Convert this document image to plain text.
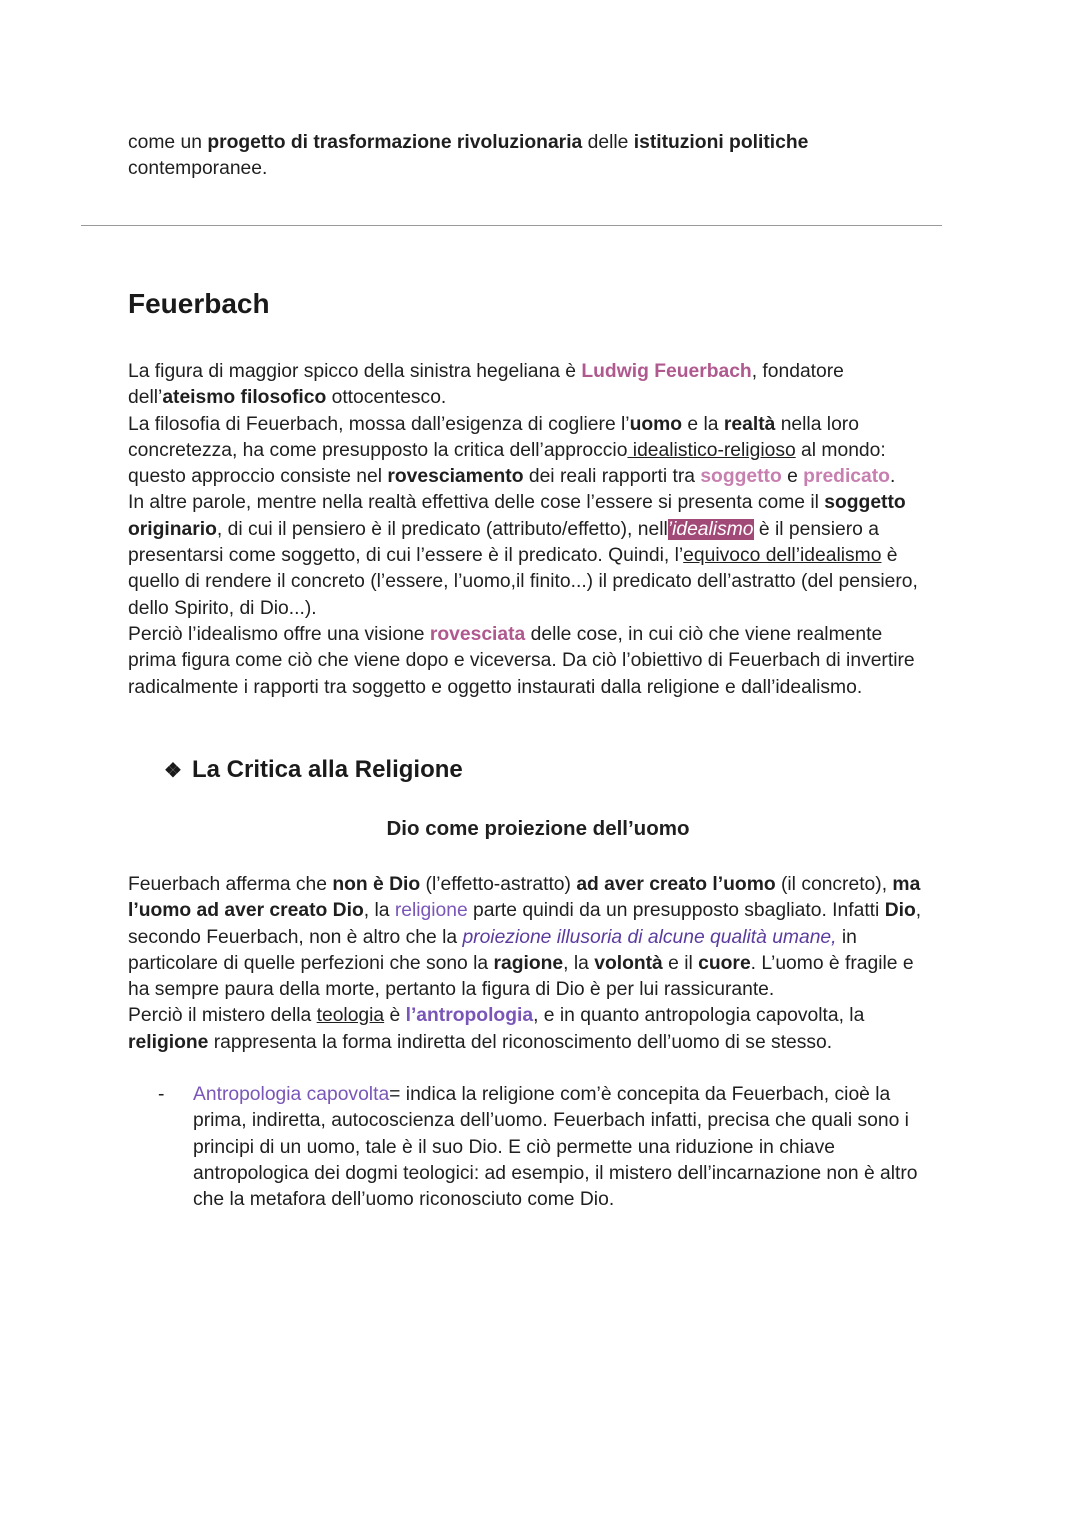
come un progetto di trasformazione rivoluzionaria delle istituzioni politiche
contemporanee.

Feuerbach

La figura di maggior spicco della sinistra hegeliana è Ludwig Feuerbach, fondatore
dell’ateismo filosofico ottocentesco.
La filosofia di Feuerbach, mossa dall’esigenza di cogliere l’uomo e la realtà nella loro
concretezza, ha come presupposto la critica dell’approccio idealistico-religioso al mondo:
questo approccio consiste nel rovesciamento dei reali rapporti tra soggetto e predicato.
In altre parole, mentre nella realtà effettiva delle cose l’essere si presenta come il soggetto
originario, di cui il pensiero è il predicato (attributo/effetto), nell’idealismo è il pensiero a
presentarsi come soggetto, di cui l’essere è il predicato. Quindi, l’equivoco dell’idealismo è
quello di rendere il concreto (l’essere, l’uomo,il finito...) il predicato dell’astratto (del pensiero,
dello Spirito, di Dio...).
Perciò l’idealismo offre una visione rovesciata delle cose, in cui ciò che viene realmente
prima figura come ciò che viene dopo e viceversa. Da ciò l’obiettivo di Feuerbach di invertire
radicalmente i rapporti tra soggetto e oggetto instaurati dalla religione e dall’idealismo.

❖ La Critica alla Religione
Dio come proiezione dell’uomo

Feuerbach afferma che non è Dio (l’effetto-astratto) ad aver creato l’uomo (il concreto), ma
l’uomo ad aver creato Dio, la religione parte quindi da un presupposto sbagliato. Infatti Dio,
secondo Feuerbach, non è altro che la proiezione illusoria di alcune qualità umane, in
particolare di quelle perfezioni che sono la ragione, la volontà e il cuore. L’uomo è fragile e
ha sempre paura della morte, pertanto la figura di Dio è per lui rassicurante.
Perciò il mistero della teologia è l’antropologia, e in quanto antropologia capovolta, la
religione rappresenta la forma indiretta del riconoscimento dell’uomo di se stesso.

- Antropologia capovolta= indica la religione com’è concepita da Feuerbach, cioè la
prima, indiretta, autocoscienza dell’uomo. Feuerbach infatti, precisa che quali sono i
principi di un uomo, tale è il suo Dio. E ciò permette una riduzione in chiave
antropologica dei dogmi teologici: ad esempio, il mistero dell’incarnazione non è altro
che la metafora dell’uomo riconosciuto come Dio.
